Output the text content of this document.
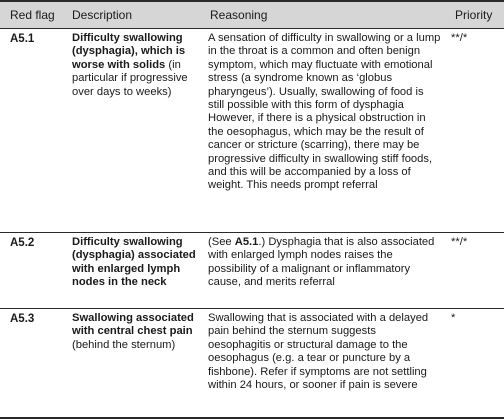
Red flag	Description	Reasoning	Priority
A5.1	Difficulty swallowing (dysphagia), which is worse with solids (in particular if progressive over days to weeks)	A sensation of difficulty in swallowing or a lump in the throat is a common and often benign symptom, which may fluctuate with emotional stress (a syndrome known as ‘globus pharyngeus’). Usually, swallowing of food is still possible with this form of dysphagia
However, if there is a physical obstruction in the oesophagus, which may be the result of cancer or stricture (scarring), there may be progressive difficulty in swallowing stiff foods, and this will be accompanied by a loss of weight. This needs prompt referral	**/*
A5.2	Difficulty swallowing (dysphagia) associated with enlarged lymph nodes in the neck	(See A5.1.) Dysphagia that is also associated with enlarged lymph nodes raises the possibility of a malignant or inflammatory cause, and merits referral	**/*
A5.3	Swallowing associated with central chest pain (behind the sternum)	Swallowing that is associated with a delayed pain behind the sternum suggests oesophagitis or structural damage to the oesophagus (e.g. a tear or puncture by a fishbone). Refer if symptoms are not settling within 24 hours, or sooner if pain is severe	*
